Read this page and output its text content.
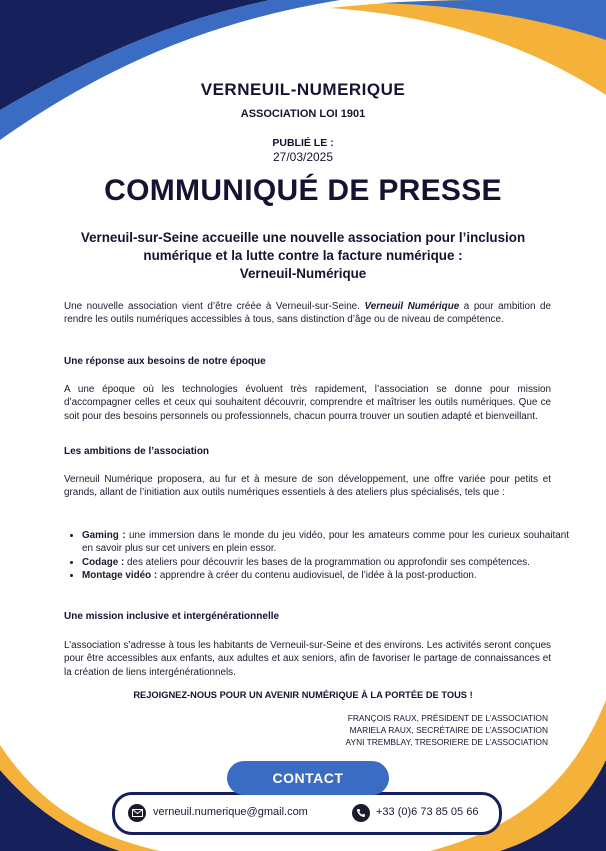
VERNEUIL-NUMERIQUE
ASSOCIATION LOI 1901
PUBLIÉ LE :
27/03/2025
COMMUNIQUÉ DE PRESSE
Verneuil-sur-Seine accueille une nouvelle association pour l’inclusion
numérique et la lutte contre la facture numérique :
Verneuil-Numérique
Une nouvelle association vient d’être créée à Verneuil-sur-Seine. Verneuil Numérique a pour ambition de rendre les outils numériques accessibles à tous, sans distinction d’âge ou de niveau de compétence.
Une réponse aux besoins de notre époque
A une époque où les technologies évoluent très rapidement, l’association se donne pour mission d’accompagner celles et ceux qui souhaitent découvrir, comprendre et maîtriser les outils numériques. Que ce soit pour des besoins personnels ou professionnels, chacun pourra trouver un soutien adapté et bienveillant.
Les ambitions de l’association
Verneuil Numérique proposera, au fur et à mesure de son développement, une offre variée pour petits et grands, allant de l’initiation aux outils numériques essentiels à des ateliers plus spécialisés, tels que :
• Gaming : une immersion dans le monde du jeu vidéo, pour les amateurs comme pour les curieux souhaitant en savoir plus sur cet univers en plein essor.
• Codage : des ateliers pour découvrir les bases de la programmation ou approfondir ses compétences.
• Montage vidéo : apprendre à créer du contenu audiovisuel, de l’idée à la post-production.
Une mission inclusive et intergénérationnelle
L’association s’adresse à tous les habitants de Verneuil-sur-Seine et des environs. Les activités seront conçues pour être accessibles aux enfants, aux adultes et aux seniors, afin de favoriser le partage de connaissances et la création de liens intergénérationnels.
REJOIGNEZ-NOUS POUR UN AVENIR NUMÉRIQUE À LA PORTÉE DE TOUS !
FRANÇOIS RAUX, PRÉSIDENT DE L’ASSOCIATION
MARIELA RAUX, SECRÉTAIRE DE L’ASSOCIATION
AYNI TREMBLAY, TRESORIERE DE L’ASSOCIATION
CONTACT
verneuil.numerique@gmail.com	+33 (0)6 73 85 05 66
